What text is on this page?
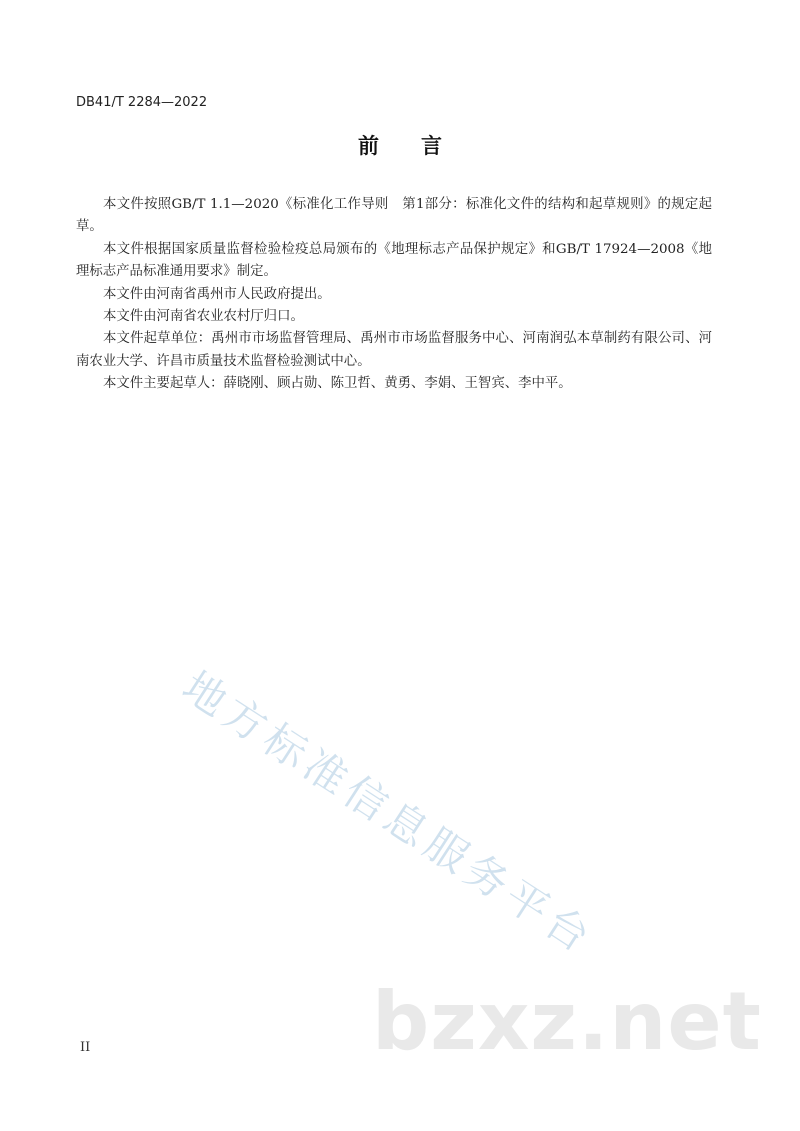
DB41/T 2284—2022
前　　言

本文件按照GB/T 1.1—2020《标准化工作导则　第1部分：标准化文件的结构和起草规则》的规定起草。

本文件根据国家质量监督检验检疫总局颁布的《地理标志产品保护规定》和GB/T 17924—2008《地理标志产品标准通用要求》制定。

本文件由河南省禹州市人民政府提出。

本文件由河南省农业农村厅归口。

本文件起草单位：禹州市市场监督管理局、禹州市市场监督服务中心、河南润弘本草制药有限公司、河南农业大学、许昌市质量技术监督检验测试中心。

本文件主要起草人：薛晓刚、顾占勋、陈卫哲、黄勇、李娟、王智宾、李中平。

地方标准信息服务平台
bzxz.net
II
